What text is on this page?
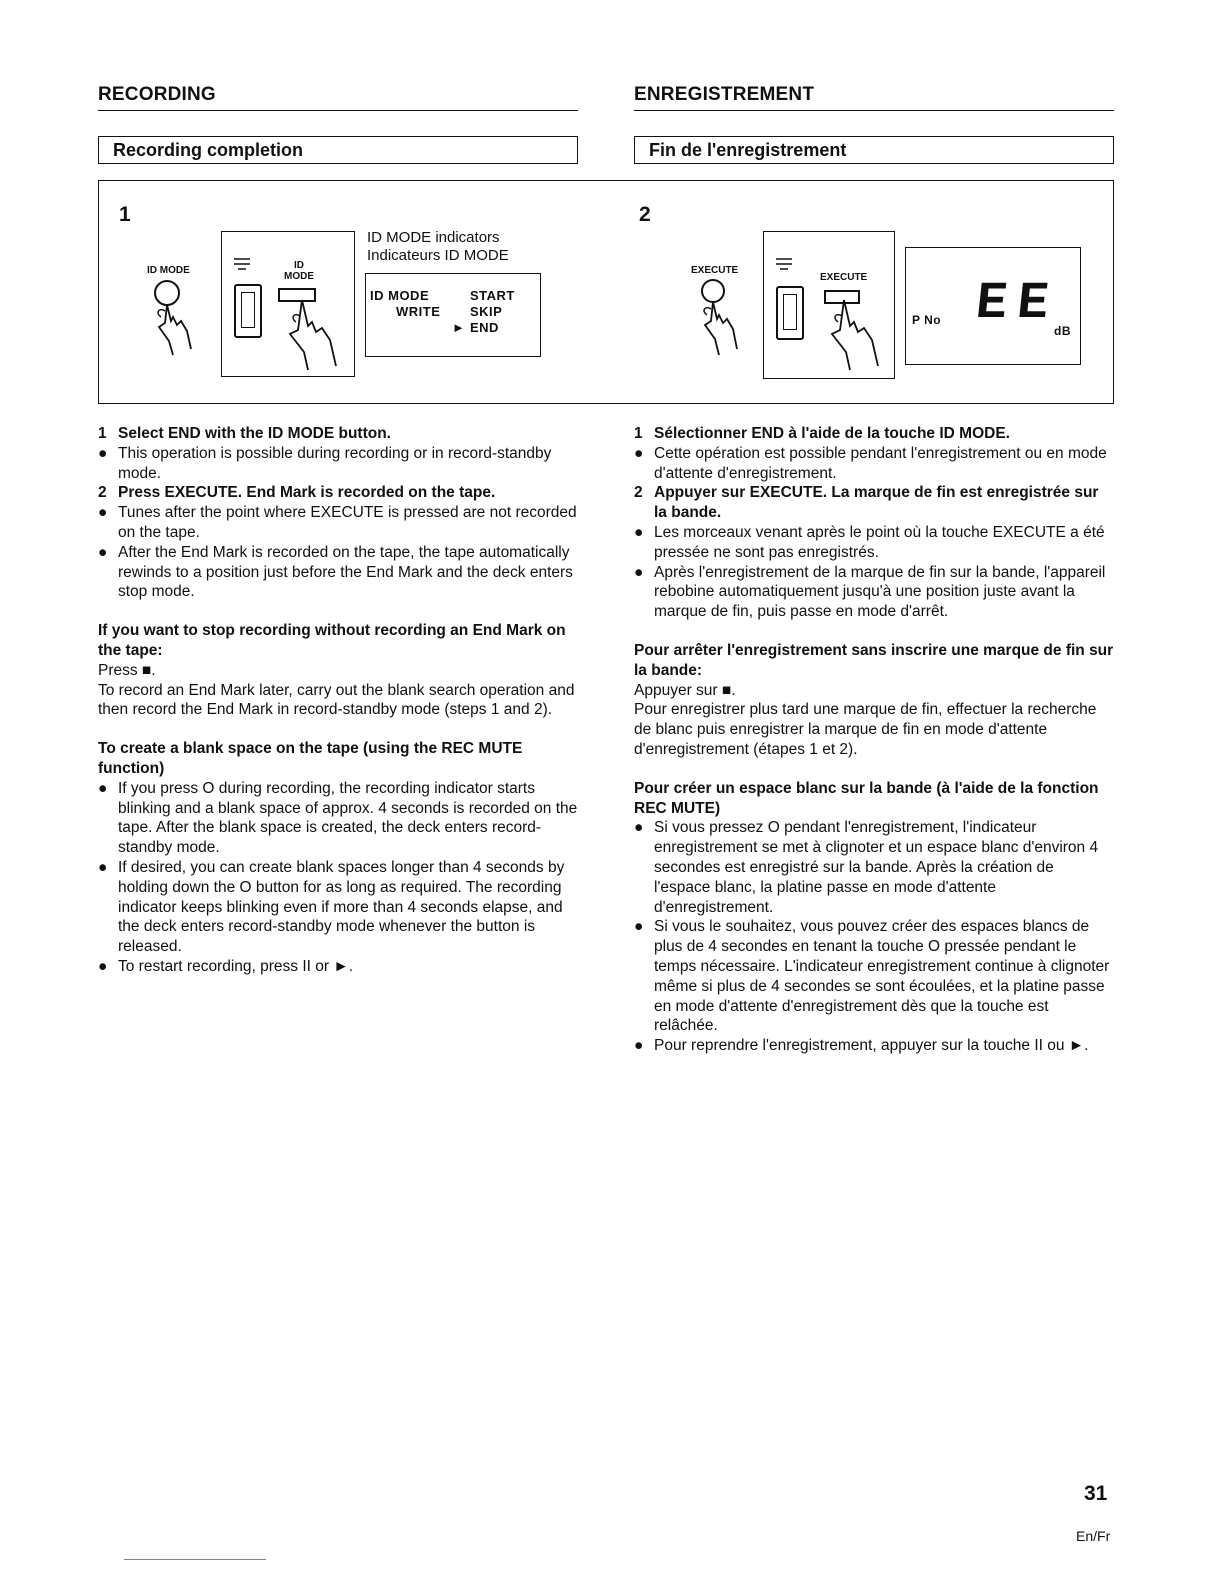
RECORDING	ENREGISTREMENT
Recording completion	Fin de l'enregistrement
1
ID MODE	ID
MODE
ID MODE indicators
Indicateurs ID MODE
ID MODE	START
WRITE SKIP
► END
2
EXECUTE
EXECUTE
P No EE
dB
1 Select END with the ID MODE button.
● This operation is possible during recording or in record-standby mode.
2 Press EXECUTE. End Mark is recorded on the tape.
● Tunes after the point where EXECUTE is pressed are not recorded on the tape.
● After the End Mark is recorded on the tape, the tape automatically rewinds to a position just before the End Mark and the deck enters stop mode.

If you want to stop recording without recording an End Mark on the tape:

Press ■.

To record an End Mark later, carry out the blank search operation and then record the End Mark in record-standby mode (steps 1 and 2).

To create a blank space on the tape (using the REC MUTE function)

● If you press O during recording, the recording indicator starts blinking and a blank space of approx. 4 seconds is recorded on the tape. After the blank space is created, the deck enters record-standby mode.
● If desired, you can create blank spaces longer than 4 seconds by holding down the O button for as long as required. The recording indicator keeps blinking even if more than 4 seconds elapse, and the deck enters record-standby mode whenever the button is released.
● To restart recording, press II or ►.
1 Sélectionner END à l'aide de la touche ID MODE.
● Cette opération est possible pendant l'enregistrement ou en mode d'attente d'enregistrement.
2 Appuyer sur EXECUTE. La marque de fin est enregistrée sur la bande.
● Les morceaux venant après le point où la touche EXECUTE a été pressée ne sont pas enregistrés.
● Après l'enregistrement de la marque de fin sur la bande, l'appareil rebobine automatiquement jusqu'à une position juste avant la marque de fin, puis passe en mode d'arrêt.

Pour arrêter l'enregistrement sans inscrire une marque de fin sur la bande:

Appuyer sur ■.

Pour enregistrer plus tard une marque de fin, effectuer la recherche de blanc puis enregistrer la marque de fin en mode d'attente d'enregistrement (étapes 1 et 2).

Pour créer un espace blanc sur la bande (à l'aide de la fonction REC MUTE)

● Si vous pressez O pendant l'enregistrement, l'indicateur enregistrement se met à clignoter et un espace blanc d'environ 4 secondes est enregistré sur la bande. Après la création de l'espace blanc, la platine passe en mode d'attente d'enregistrement.
● Si vous le souhaitez, vous pouvez créer des espaces blancs de plus de 4 secondes en tenant la touche O pressée pendant le temps nécessaire. L'indicateur enregistrement continue à clignoter même si plus de 4 secondes se sont écoulées, et la platine passe en mode d'attente d'enregistrement dès que la touche est relâchée.
● Pour reprendre l'enregistrement, appuyer sur la touche II ou ►.
31
En/Fr
